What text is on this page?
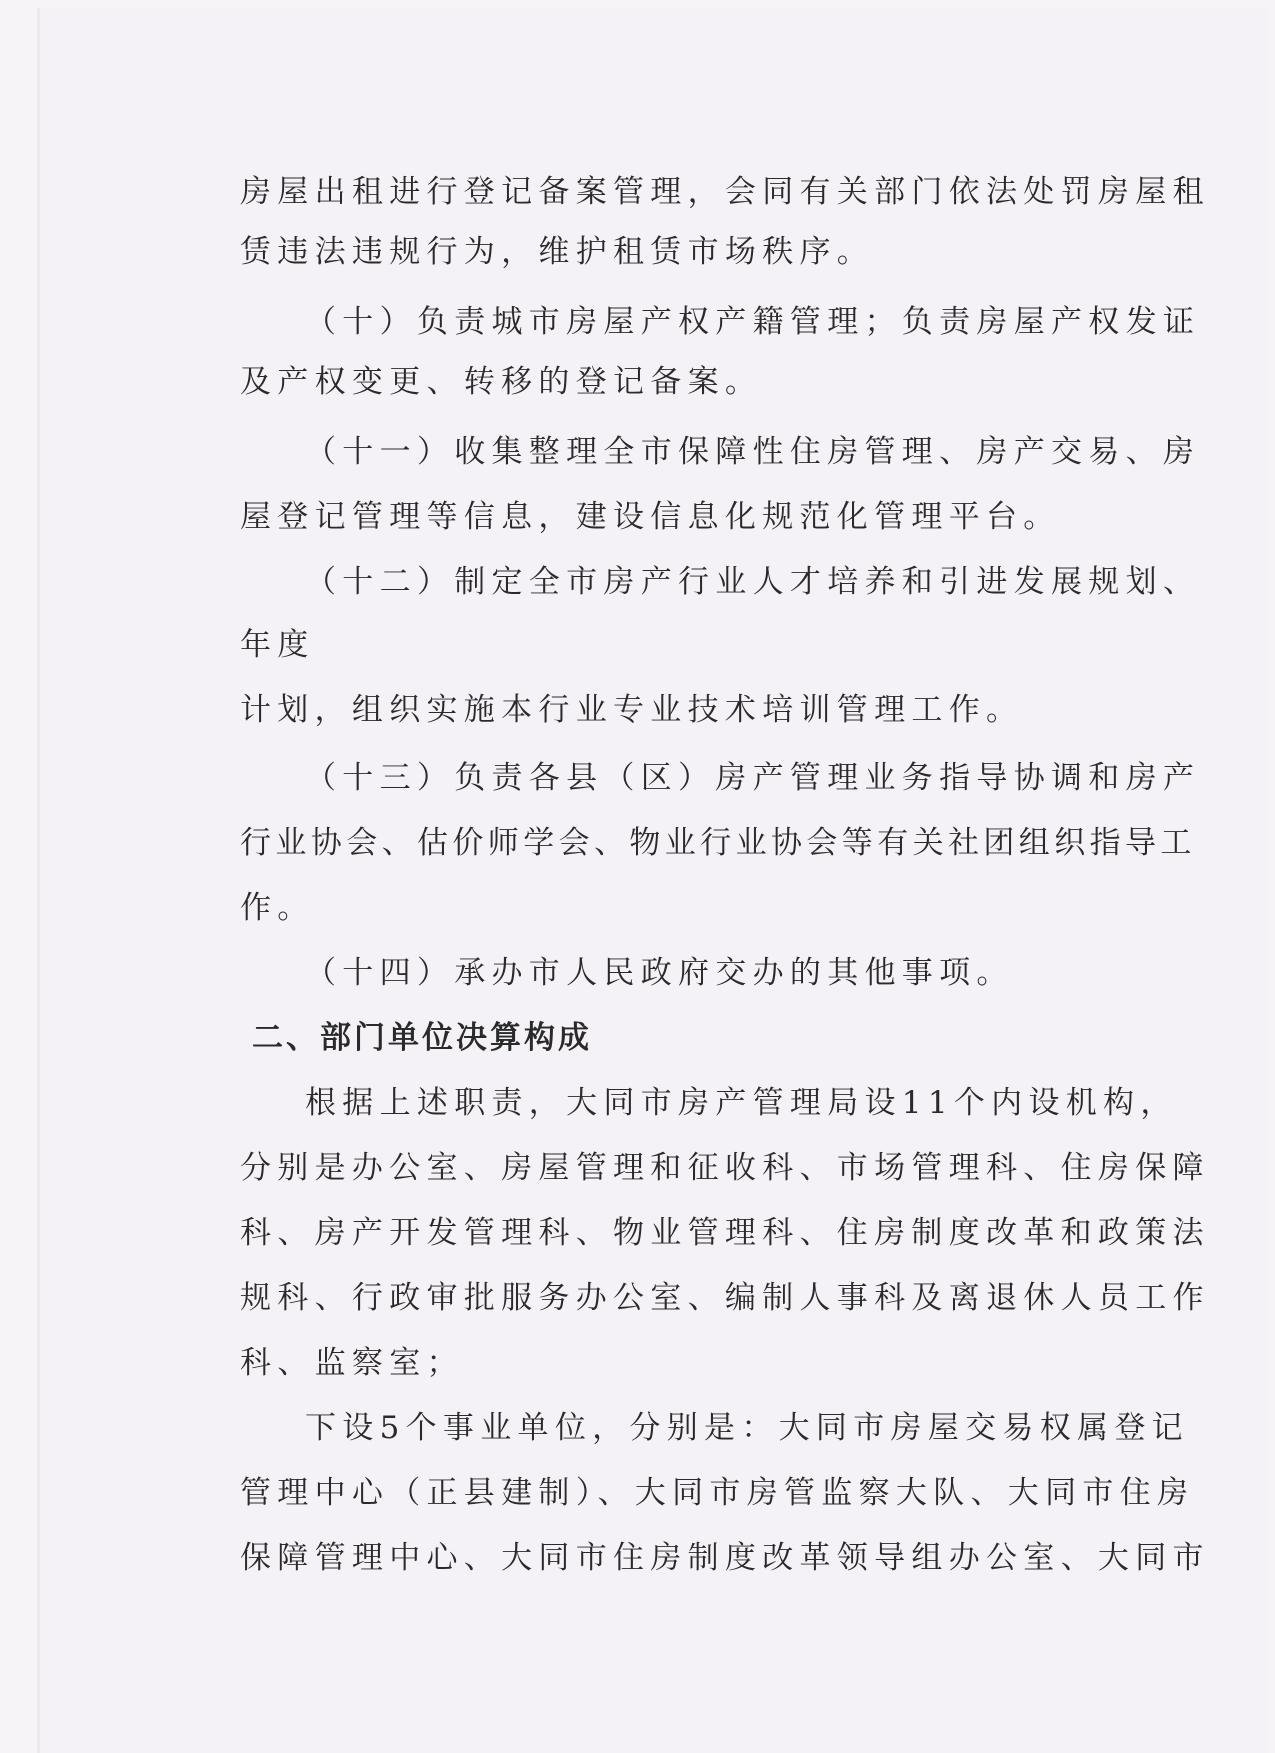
房屋出租进行登记备案管理，会同有关部门依法处罚房屋租
赁违法违规行为，维护租赁市场秩序。
（十）负责城市房屋产权产籍管理；负责房屋产权发证
及产权变更、转移的登记备案。
（十一）收集整理全市保障性住房管理、房产交易、房
屋登记管理等信息，建设信息化规范化管理平台。
（十二）制定全市房产行业人才培养和引进发展规划、
年度
计划，组织实施本行业专业技术培训管理工作。
（十三）负责各县（区）房产管理业务指导协调和房产
行业协会、估价师学会、物业行业协会等有关社团组织指导工
作。
（十四）承办市人民政府交办的其他事项。
二、部门单位决算构成
根据上述职责，大同市房产管理局设11个内设机构，
分别是办公室、房屋管理和征收科、市场管理科、住房保障
科、房产开发管理科、物业管理科、住房制度改革和政策法
规科、行政审批服务办公室、编制人事科及离退休人员工作
科、监察室；
下设5个事业单位，分别是：大同市房屋交易权属登记
管理中心（正县建制）、大同市房管监察大队、大同市住房
保障管理中心、大同市住房制度改革领导组办公室、大同市
